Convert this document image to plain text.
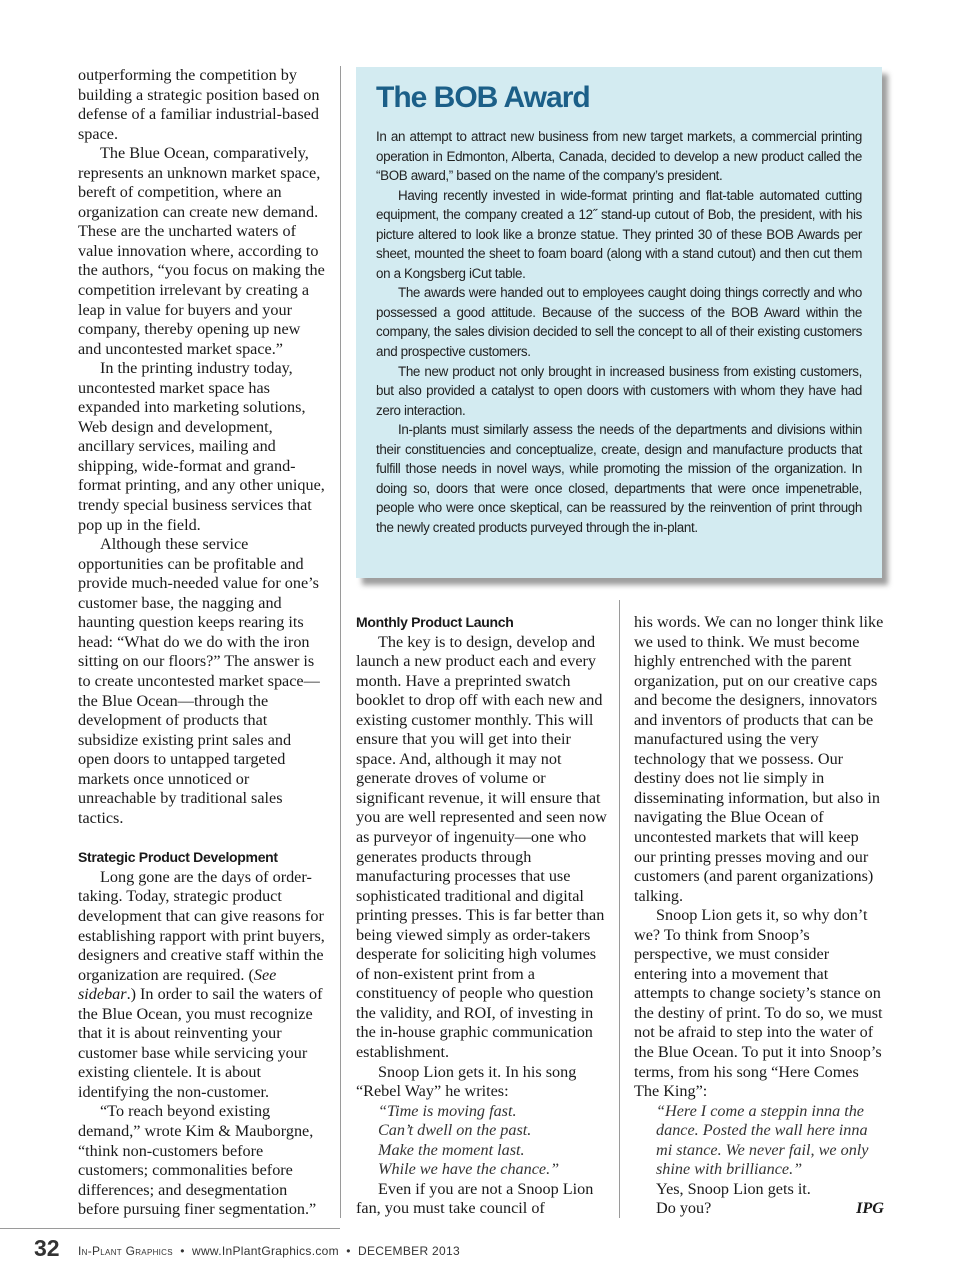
outperforming the competition by building a strategic position based on defense of a familiar industrial-based space.

The Blue Ocean, comparatively, represents an unknown market space, bereft of competition, where an organization can create new demand. These are the uncharted waters of value innovation where, according to the authors, “you focus on making the competition irrelevant by creating a leap in value for buyers and your company, thereby opening up new and uncontested market space.”

In the printing industry today, uncontested market space has expanded into marketing solutions, Web design and development, ancillary services, mailing and shipping, wide-format and grand-format printing, and any other unique, trendy special business services that pop up in the field.

Although these service opportunities can be profitable and provide much-needed value for one’s customer base, the nagging and haunting question keeps rearing its head: “What do we do with the iron sitting on our floors?” The answer is to create uncontested market space—the Blue Ocean—through the development of products that subsidize existing print sales and open doors to untapped targeted markets once unnoticed or unreachable by traditional sales tactics.

Strategic Product Development

Long gone are the days of order-taking. Today, strategic product development that can give reasons for establishing rapport with print buyers, designers and creative staff within the organization are required. (See sidebar.) In order to sail the waters of the Blue Ocean, you must recognize that it is about reinventing your customer base while servicing your existing clientele. It is about identifying the non-customer.

“To reach beyond existing demand,” wrote Kim & Mauborgne, “think non-customers before customers; commonalities before differences; and desegmentation before pursuing finer segmentation.”

The BOB Award

In an attempt to attract new business from new target markets, a commercial printing operation in Edmonton, Alberta, Canada, decided to develop a new product called the “BOB award,” based on the name of the company’s president.

Having recently invested in wide-format printing and flat-table automated cutting equipment, the company created a 12˝ stand-up cutout of Bob, the president, with his picture altered to look like a bronze statue. They printed 30 of these BOB Awards per sheet, mounted the sheet to foam board (along with a stand cutout) and then cut them on a Kongsberg iCut table.

The awards were handed out to employees caught doing things correctly and who possessed a good attitude. Because of the success of the BOB Award within the company, the sales division decided to sell the concept to all of their existing customers and prospective customers.

The new product not only brought in increased business from existing customers, but also provided a catalyst to open doors with customers with whom they have had zero interaction.

In-plants must similarly assess the needs of the departments and divisions within their constituencies and conceptualize, create, design and manufacture products that fulfill those needs in novel ways, while promoting the mission of the organization. In doing so, doors that were once closed, departments that were once impenetrable, people who were once skeptical, can be reassured by the reinvention of print through the newly created products purveyed through the in-plant.

Monthly Product Launch

The key is to design, develop and launch a new product each and every month. Have a preprinted swatch booklet to drop off with each new and existing customer monthly. This will ensure that you will get into their space. And, although it may not generate droves of volume or significant revenue, it will ensure that you are well represented and seen now as purveyor of ingenuity—one who generates products through manufacturing processes that use sophisticated traditional and digital printing presses. This is far better than being viewed simply as order-takers desperate for soliciting high volumes of non-existent print from a constituency of people who question the validity, and ROI, of investing in the in-house graphic communication establishment.

Snoop Lion gets it. In his song “Rebel Way” he writes:

“Time is moving fast.

Can’t dwell on the past.

Make the moment last.

While we have the chance.”

Even if you are not a Snoop Lion fan, you must take council of

his words. We can no longer think like we used to think. We must become highly entrenched with the parent organization, put on our creative caps and become the designers, innovators and inventors of products that can be manufactured using the very technology that we possess. Our destiny does not lie simply in disseminating information, but also in navigating the Blue Ocean of uncontested markets that will keep our printing presses moving and our customers (and parent organizations) talking.

Snoop Lion gets it, so why don’t we? To think from Snoop’s perspective, we must consider entering into a movement that attempts to change society’s stance on the destiny of print. To do so, we must not be afraid to step into the water of the Blue Ocean. To put it into Snoop’s terms, from his song “Here Comes The King”:

“Here I come a steppin inna the dance. Posted the wall here inna mi stance. We never fail, we only shine with brilliance.”

Yes, Snoop Lion gets it.

Do you?	IPG

32 In-Plant Graphics • www.InPlantGraphics.com • DECEMBER 2013
